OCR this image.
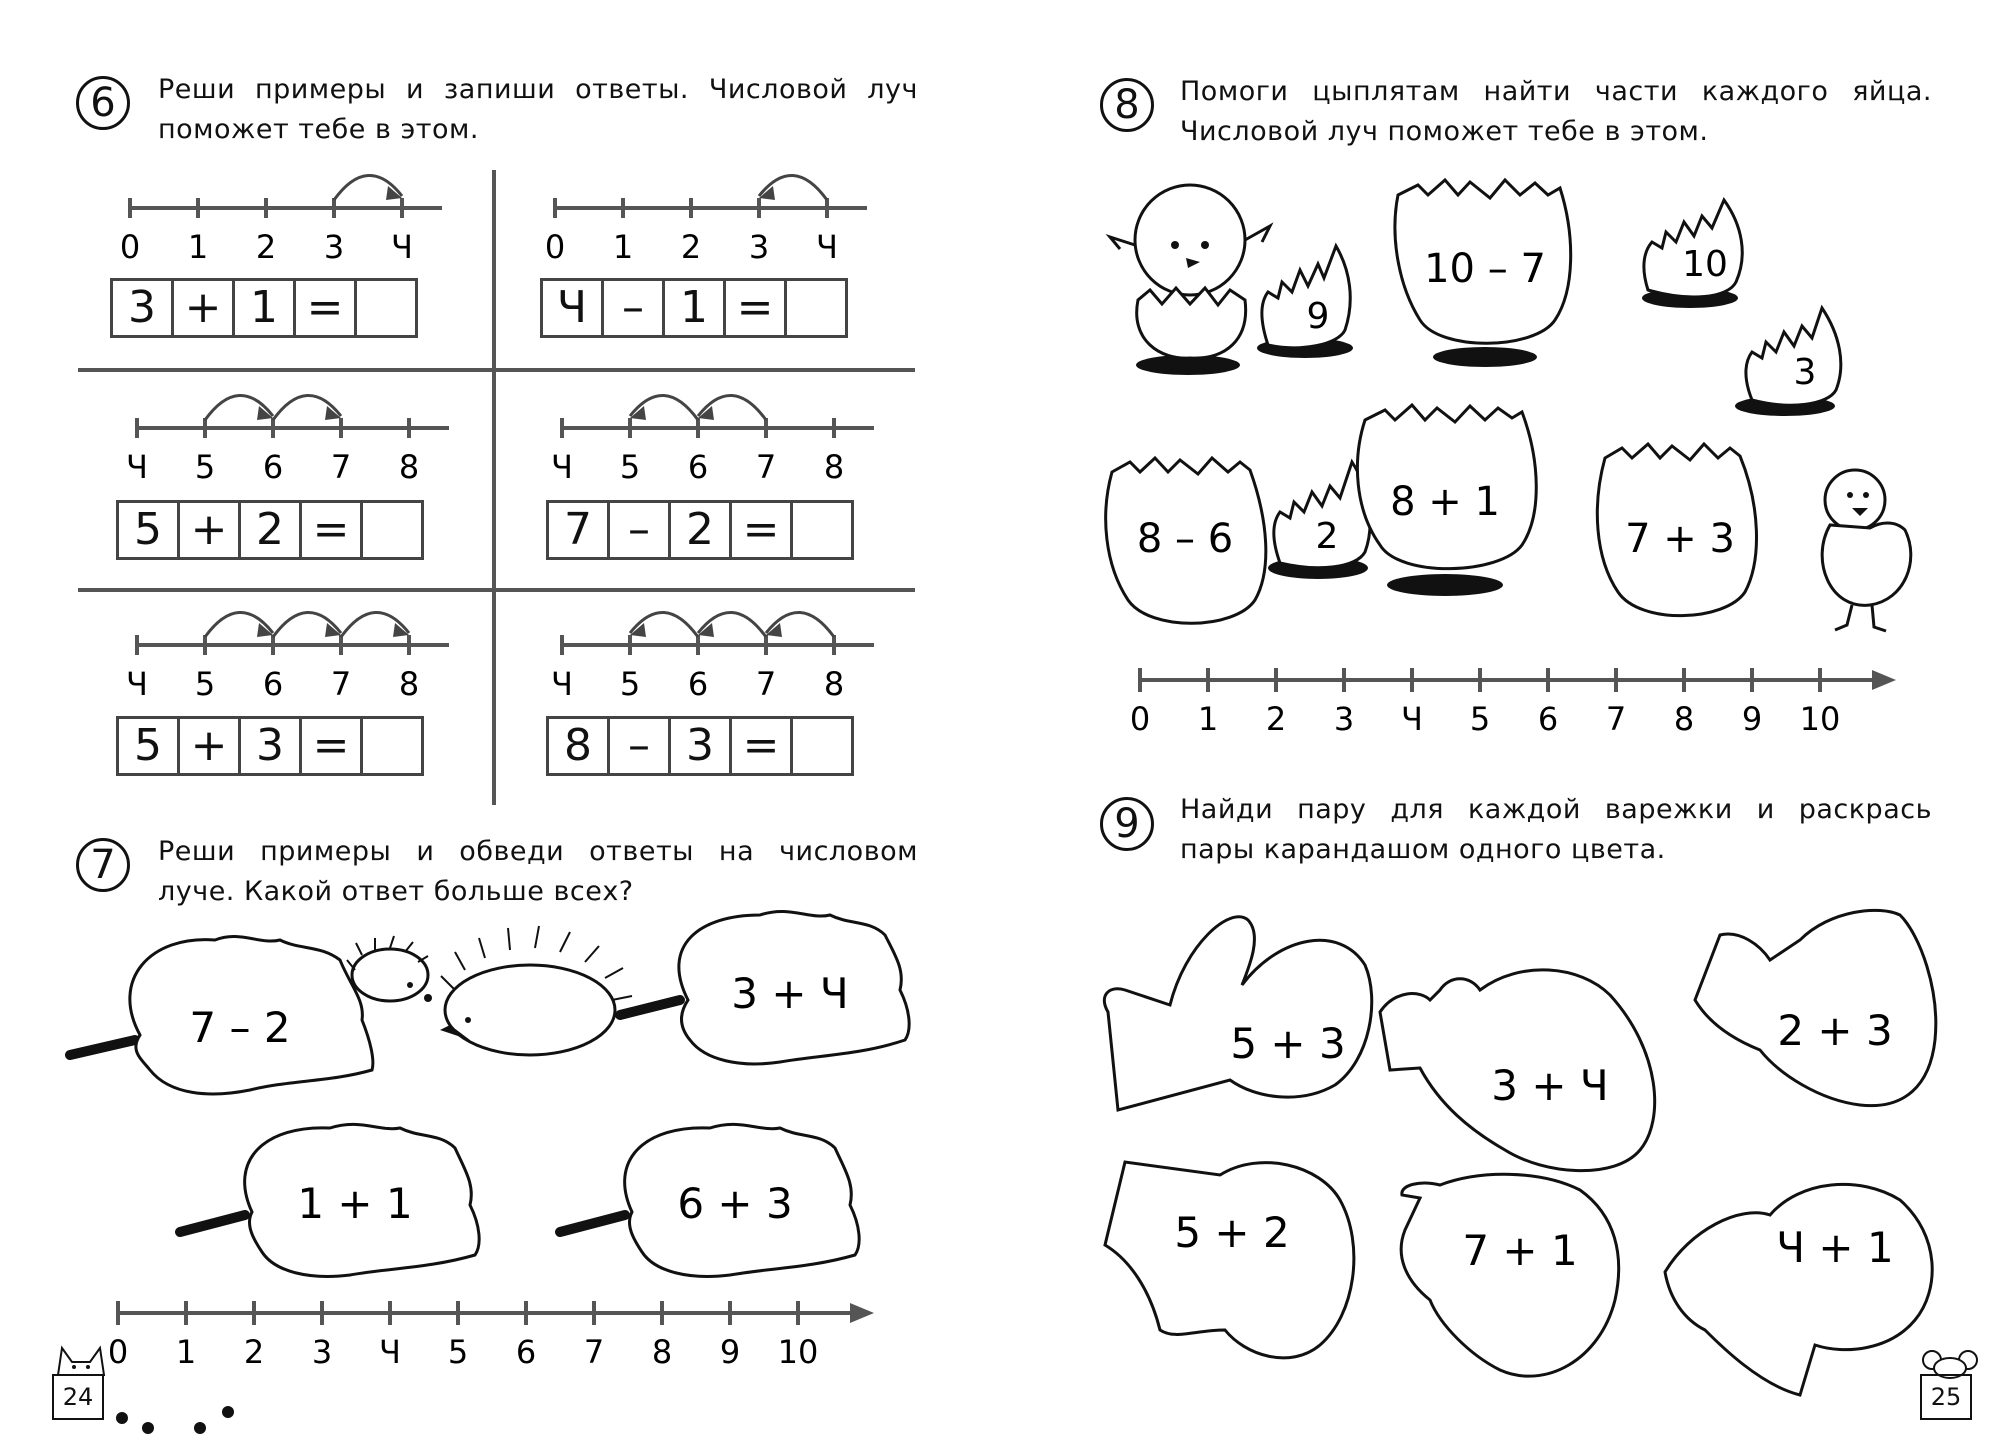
6	Реши примеры и запиши ответы. Числовой луч
поможет тебе в этом.
0 1 2 3 Ч	0 1 2 3 Ч
Ч 5 6 7 8	Ч 5 6 7 8
Ч 5 6 7 8	Ч 5 6 7 8
3 + 1 =	Ч – 1 =
5 + 2 =	7 – 2 =
5 + 3 =	8 – 3 =
7	Реши примеры и обведи ответы на числовом
луче. Какой ответ больше всех?
7 – 2
3 + Ч
1 + 1	6 + 3
0 1 2 3 Ч 5 6 7 8 9 10
24
8	Помоги цыплятам найти части каждого яйца.
Числовой луч поможет тебе в этом.
9
10 – 7	10
3
8 – 6 2
8 + 1
7 + 3
0 1 2 3 Ч 5 6 7 8 9 10
5 + 3
3 + Ч
2 + 3
5 + 2	7 + 1	Ч + 1
9	Найди пару для каждой варежки и раскрась
пары карандашом одного цвета.
25
